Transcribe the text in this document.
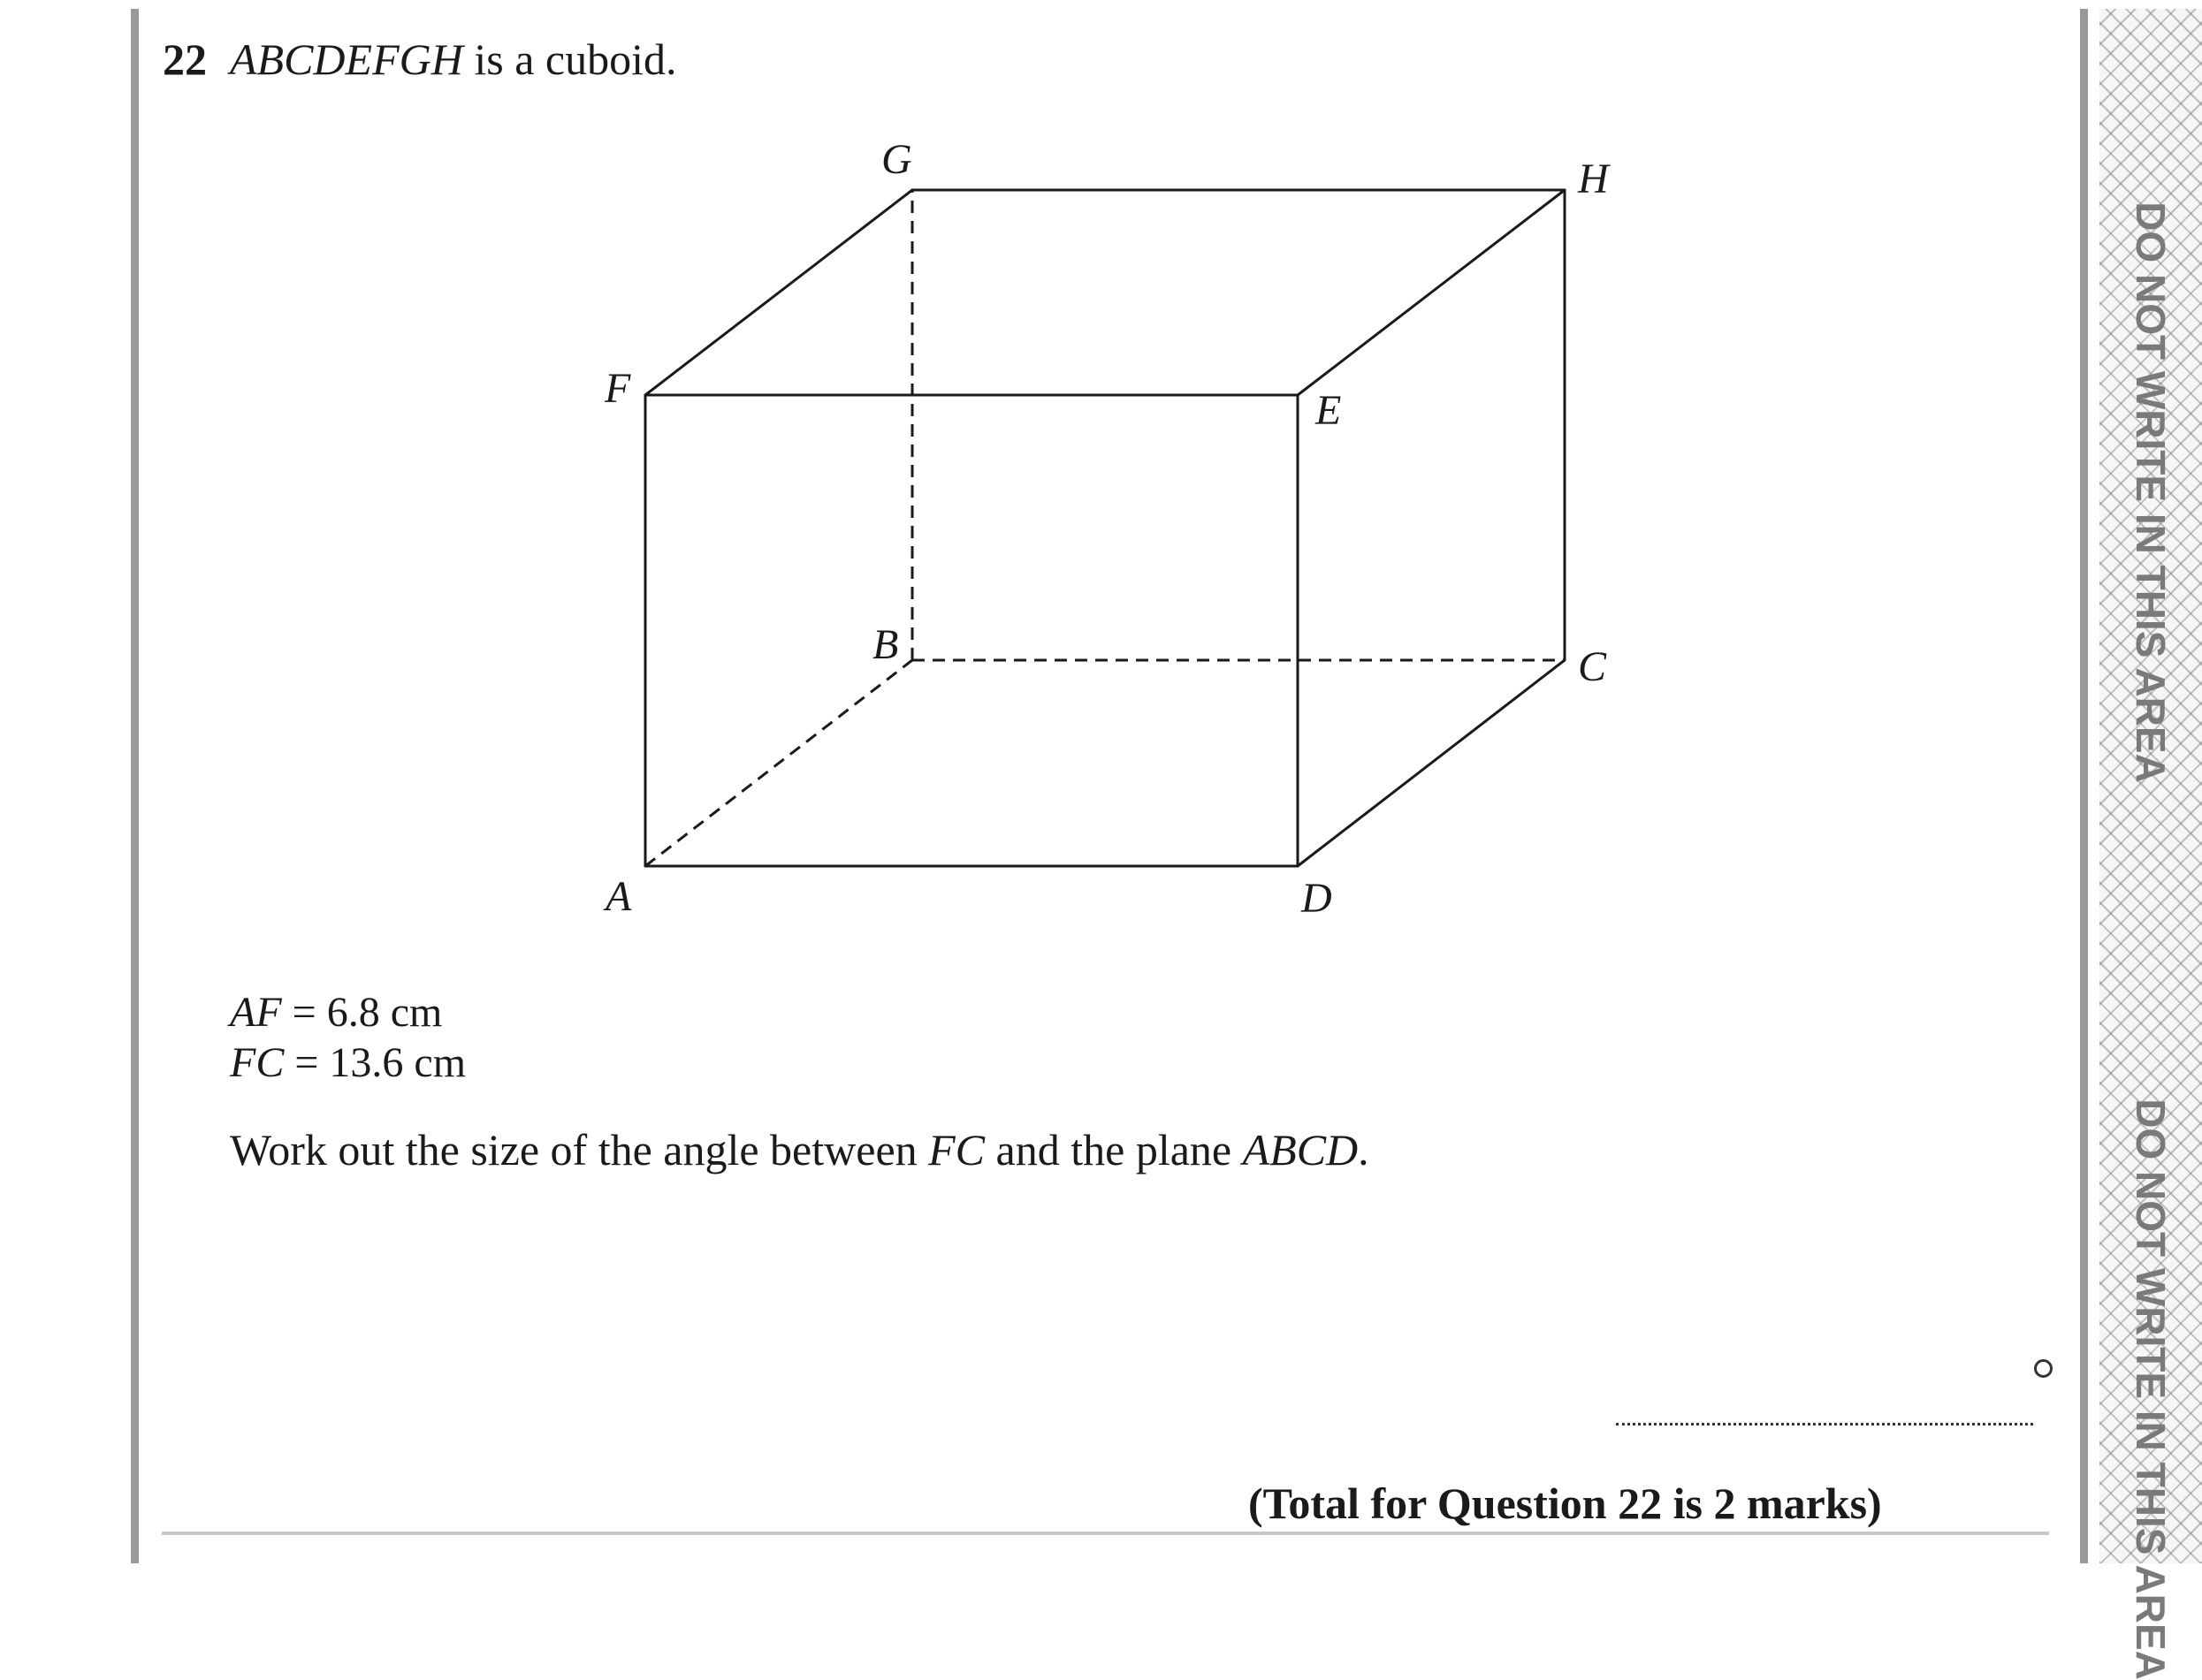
22 ABCDEFGH is a cuboid.
G	H
F	E
B	C
A	D
AF = 6.8 cm
FC = 13.6 cm
Work out the size of the angle between FC and the plane ABCD.
(Total for Question 22 is 2 marks)
DO NOT WRITE IN THIS AREA
DO NOT WRITE IN THIS AREA
